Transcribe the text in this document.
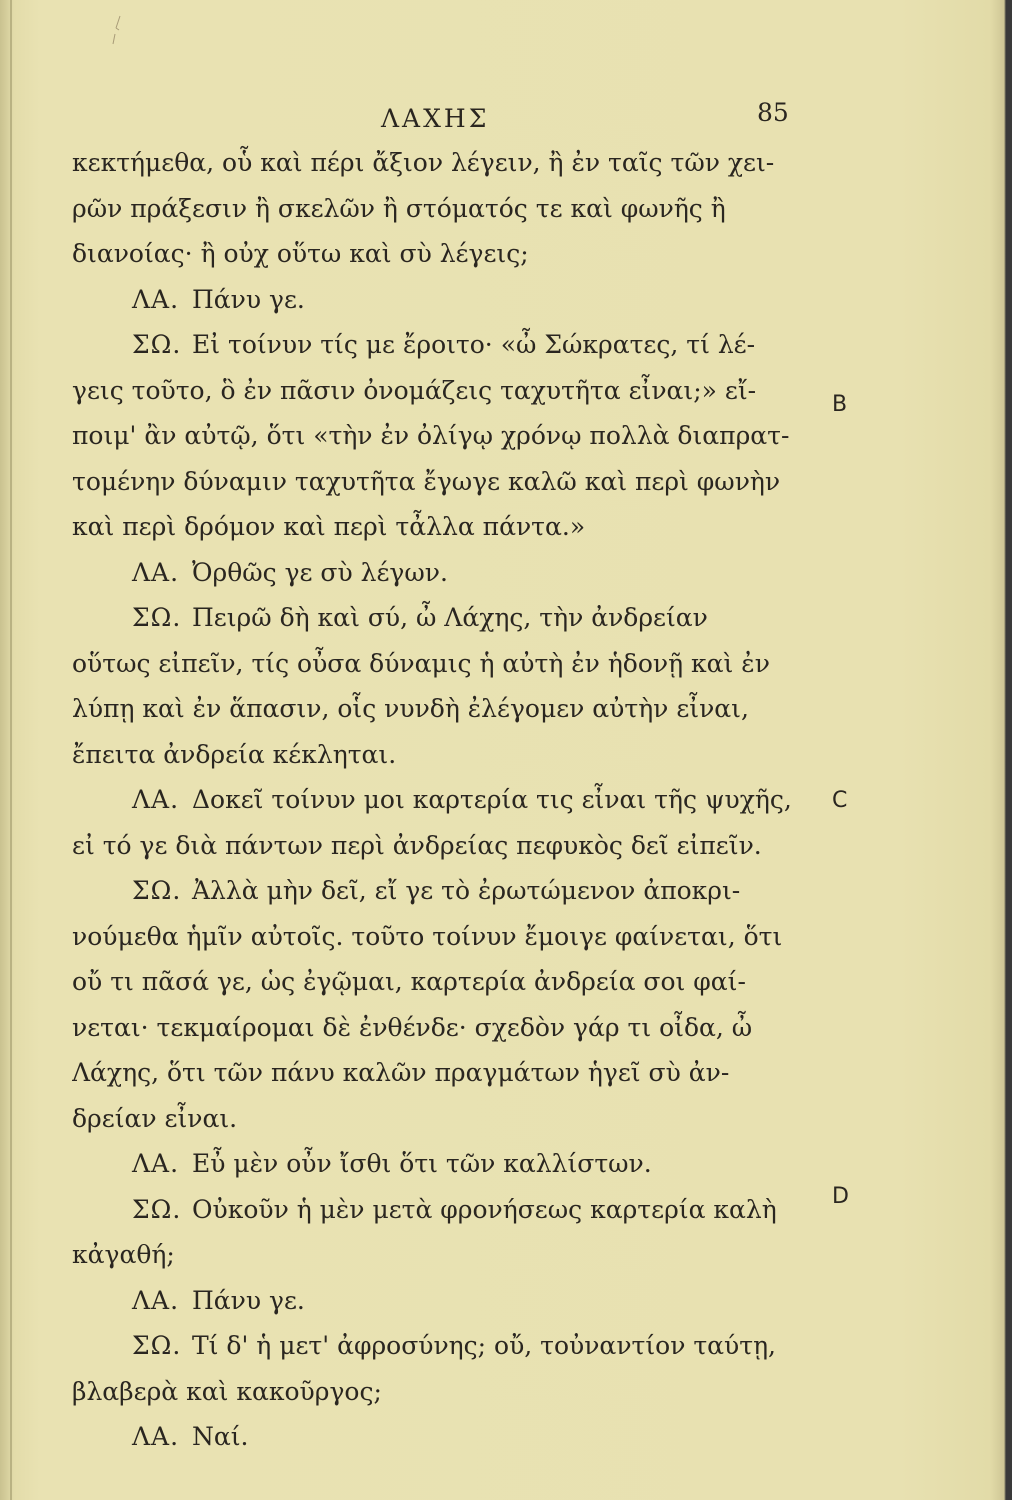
ΛΑΧΗΣ	85
κεκτήμεθα, οὗ καὶ πέρι ἄξιον λέγειν, ἢ ἐν ταῖς τῶν χει-
ρῶν πράξεσιν ἢ σκελῶν ἢ στόματός τε καὶ φωνῆς ἢ
διανοίας· ἢ οὐχ οὕτω καὶ σὺ λέγεις;
ΛΑ. Πάνυ γε.
ΣΩ. Εἰ τοίνυν τίς με ἔροιτο· «ὦ Σώκρατες, τί λέ-
γεις τοῦτο, ὃ ἐν πᾶσιν ὀνομάζεις ταχυτῆτα εἶναι;» εἴ-
ποιμ' ἂν αὐτῷ, ὅτι «τὴν ἐν ὀλίγῳ χρόνῳ πολλὰ διαπρατ-
τομένην δύναμιν ταχυτῆτα ἔγωγε καλῶ καὶ περὶ φωνὴν
καὶ περὶ δρόμον καὶ περὶ τἆλλα πάντα.»
ΛΑ. Ὀρθῶς γε σὺ λέγων.
ΣΩ. Πειρῶ δὴ καὶ σύ, ὦ Λάχης, τὴν ἀνδρείαν
οὕτως εἰπεῖν, τίς οὖσα δύναμις ἡ αὐτὴ ἐν ἡδονῇ καὶ ἐν
λύπῃ καὶ ἐν ἅπασιν, οἷς νυνδὴ ἐλέγομεν αὐτὴν εἶναι,
ἔπειτα ἀνδρεία κέκληται.
ΛΑ. Δοκεῖ τοίνυν μοι καρτερία τις εἶναι τῆς ψυχῆς,
εἰ τό γε διὰ πάντων περὶ ἀνδρείας πεφυκὸς δεῖ εἰπεῖν.
ΣΩ. Ἀλλὰ μὴν δεῖ, εἴ γε τὸ ἐρωτώμενον ἀποκρι-
νούμεθα ἡμῖν αὐτοῖς. τοῦτο τοίνυν ἔμοιγε φαίνεται, ὅτι
οὔ τι πᾶσά γε, ὡς ἐγῷμαι, καρτερία ἀνδρεία σοι φαί-
νεται· τεκμαίρομαι δὲ ἐνθένδε· σχεδὸν γάρ τι οἶδα, ὦ
Λάχης, ὅτι τῶν πάνυ καλῶν πραγμάτων ἡγεῖ σὺ ἀν-
δρείαν εἶναι.
ΛΑ. Εὖ μὲν οὖν ἴσθι ὅτι τῶν καλλίστων.
ΣΩ. Οὐκοῦν ἡ μὲν μετὰ φρονήσεως καρτερία καλὴ
κἀγαθή;
ΛΑ. Πάνυ γε.
ΣΩ. Τί δ' ἡ μετ' ἀφροσύνης; οὔ, τοὐναντίον ταύτῃ,
βλαβερὰ καὶ κακοῦργος;
ΛΑ. Ναί.
B
C
D
